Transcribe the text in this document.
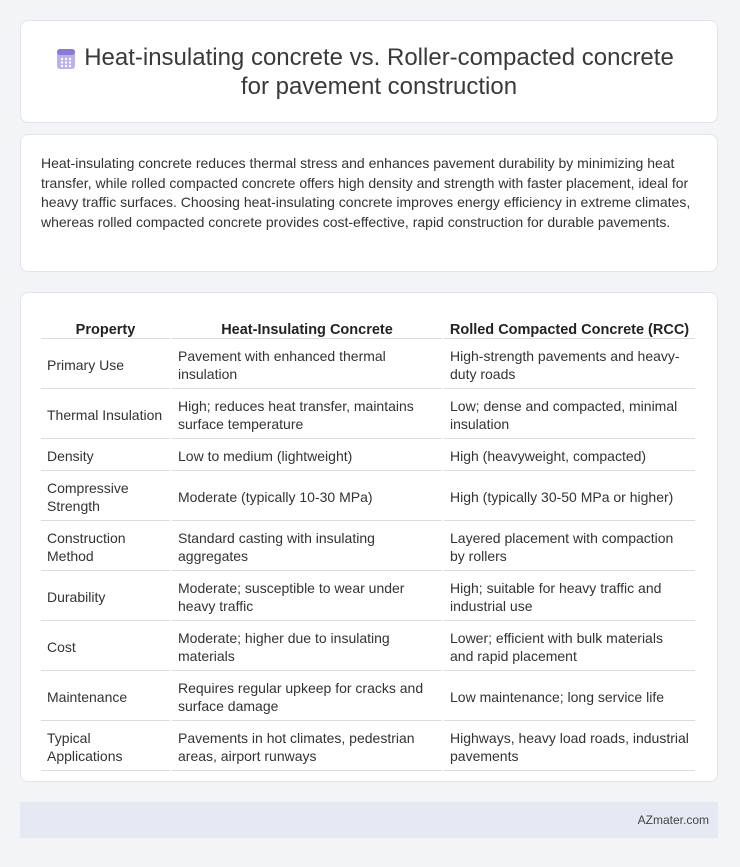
Heat-insulating concrete vs. Roller-compacted concrete for pavement construction

Heat-insulating concrete reduces thermal stress and enhances pavement durability by minimizing heat transfer, while rolled compacted concrete offers high density and strength with faster placement, ideal for heavy traffic surfaces. Choosing heat-insulating concrete improves energy efficiency in extreme climates, whereas rolled compacted concrete provides cost-effective, rapid construction for durable pavements.

Property	Heat-Insulating Concrete	Rolled Compacted Concrete (RCC)
Primary Use	Pavement with enhanced thermal insulation	High-strength pavements and heavy-duty roads
Thermal Insulation	High; reduces heat transfer, maintains surface temperature	Low; dense and compacted, minimal insulation
Density	Low to medium (lightweight)	High (heavyweight, compacted)
Compressive Strength	Moderate (typically 10-30 MPa)	High (typically 30-50 MPa or higher)
Construction Method	Standard casting with insulating aggregates	Layered placement with compaction by rollers
Durability	Moderate; susceptible to wear under heavy traffic	High; suitable for heavy traffic and industrial use
Cost	Moderate; higher due to insulating materials	Lower; efficient with bulk materials and rapid placement
Maintenance	Requires regular upkeep for cracks and surface damage	Low maintenance; long service life
Typical Applications	Pavements in hot climates, pedestrian areas, airport runways	Highways, heavy load roads, industrial pavements
AZmater.com
